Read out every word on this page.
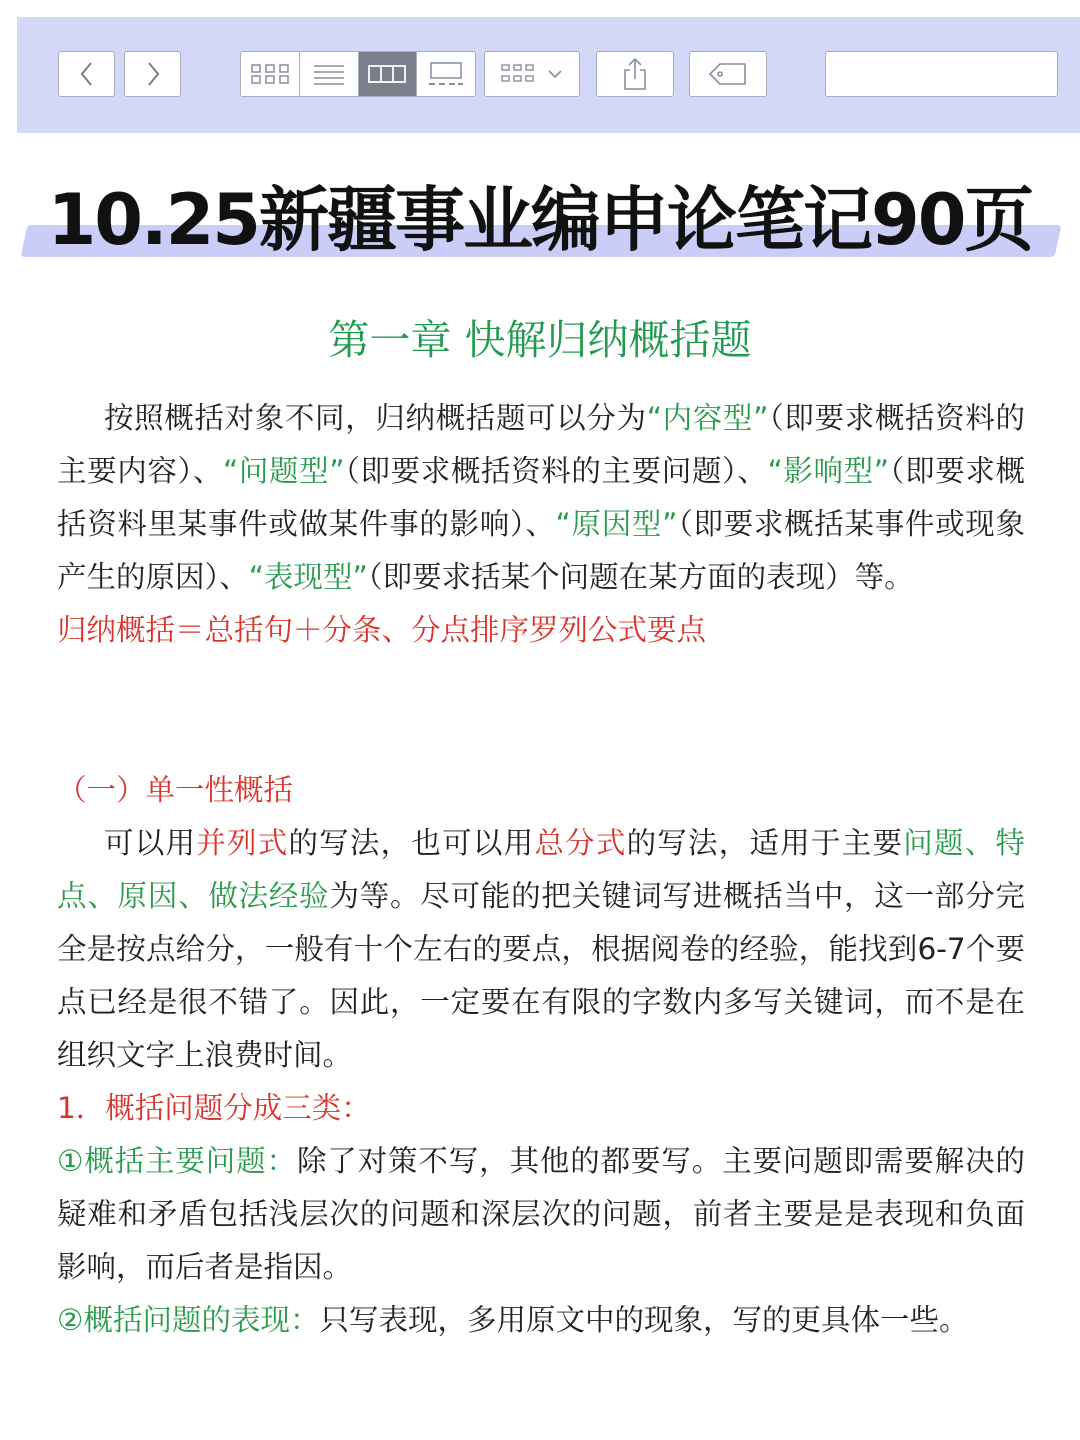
10.25新疆事业编申论笔记90页
第一章 快解归纳概括题

按照概括对象不同，归纳概括题可以分为“内容型”（即要求概括资料的主要内容）、“问题型”（即要求概括资料的主要问题）、“影响型”（即要求概括资料里某事件或做某件事的影响）、“原因型”（即要求概括某事件或现象产生的原因）、“表现型”（即要求括某个问题在某方面的表现）等。

归纳概括＝总括句＋分条、分点排序罗列公式要点

（一）单一性概括

可以用并列式的写法，也可以用总分式的写法，适用于主要问题、特点、原因、做法经验为等。尽可能的把关键词写进概括当中，这一部分完全是按点给分，一般有十个左右的要点，根据阅卷的经验，能找到6-7个要点已经是很不错了。因此，一定要在有限的字数内多写关键词，而不是在组织文字上浪费时间。

1．概括问题分成三类：

①概括主要问题：除了对策不写，其他的都要写。主要问题即需要解决的疑难和矛盾包括浅层次的问题和深层次的问题，前者主要是是表现和负面影响，而后者是指因。

②概括问题的表现：只写表现，多用原文中的现象，写的更具体一些。
